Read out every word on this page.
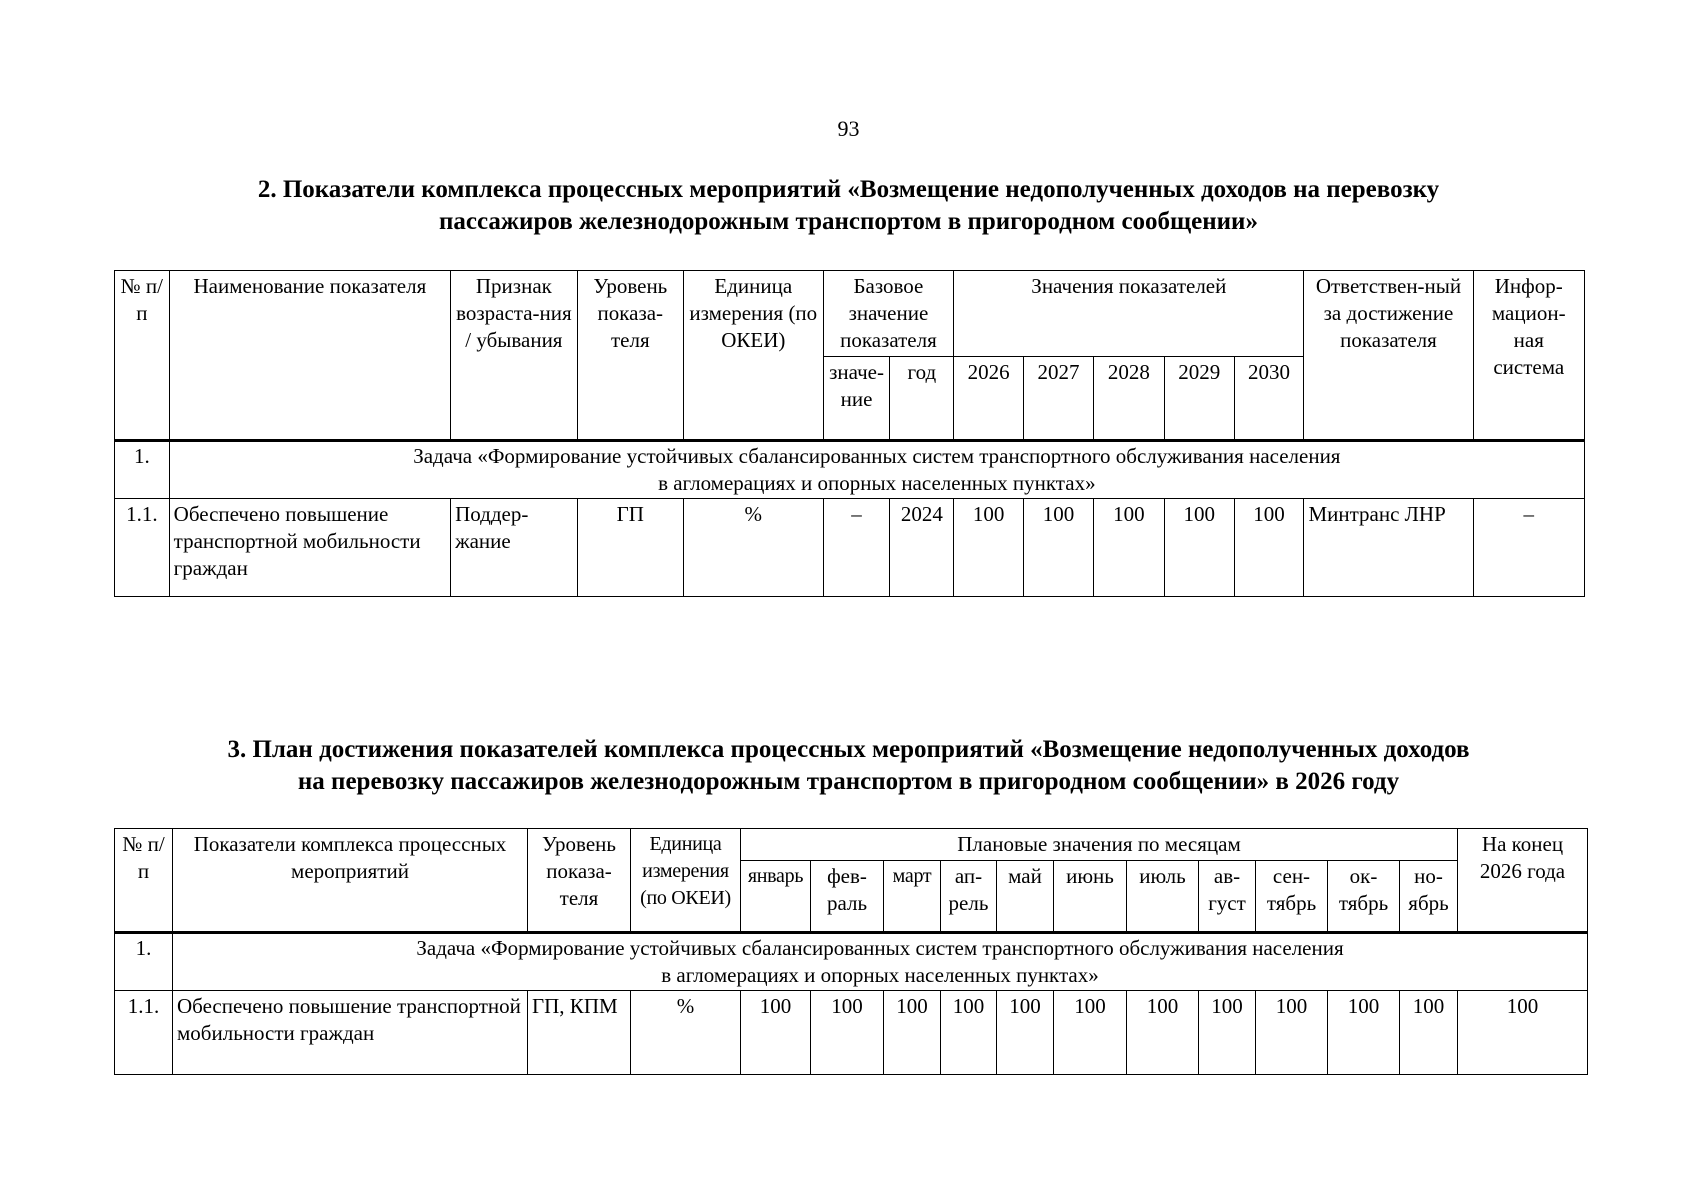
93
2. Показатели комплекса процессных мероприятий «Возмещение недополученных доходов на перевозку
пассажиров железнодорожным транспортом в пригородном сообщении»
№ п/п	Наименование показателя	Признак возраста-ния / убывания	Уровень показа-теля	Единица измерения (по ОКЕИ)	Базовое значение показателя		Значения показателей					Ответствен-ный за достижение показателя	Инфор-мацион-ная система
					значе-ние	год	2026	2027	2028	2029	2030		
1.	Задача «Формирование устойчивых сбалансированных систем транспортного обслуживания населения
в агломерациях и опорных населенных пунктах»												

1.1.	Обеспечено повышение транспортной мобильности граждан	Поддер-жание	ГП	%	–	2024	100	100	100	100	100	Минтранс ЛНР	–
3. План достижения показателей комплекса процессных мероприятий «Возмещение недополученных доходов
на перевозку пассажиров железнодорожным транспортом в пригородном сообщении» в 2026 году
№ п/п	Показатели комплекса процессных мероприятий	Уровень показа-теля	Единица измерения (по ОКЕИ)	Плановые значения по месяцам											На конец 2026 года
				январь	фев-раль	март	ап-рель	май	июнь	июль	ав-густ	сен-тябрь	ок-тябрь	но-ябрь	
1.	Задача «Формирование устойчивых сбалансированных систем транспортного обслуживания населения
в агломерациях и опорных населенных пунктах»														

1.1.	Обеспечено повышение транспортной мобильности граждан	ГП, КПМ	%	100	100	100	100	100	100	100	100	100	100	100	100
